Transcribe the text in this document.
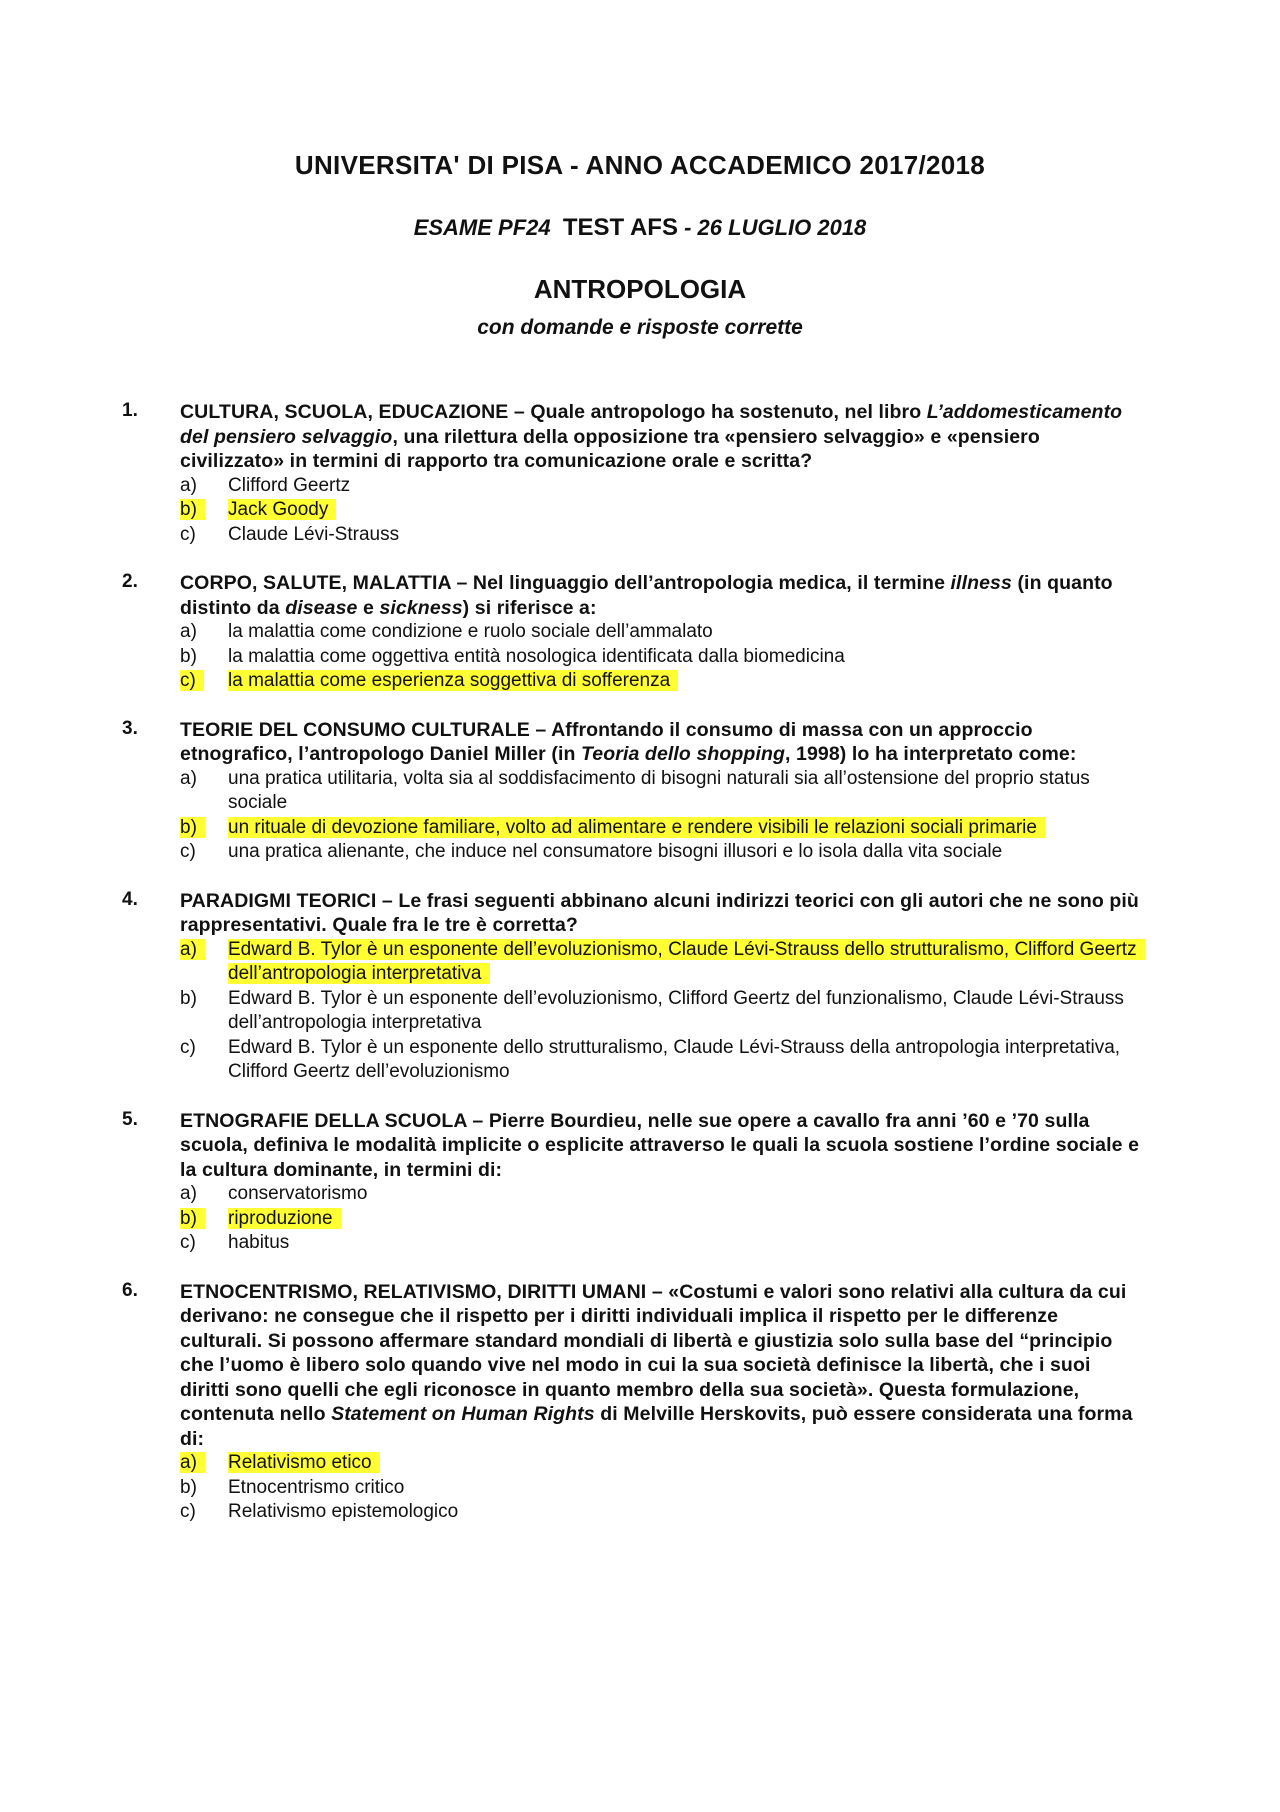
UNIVERSITA' DI PISA - ANNO ACCADEMICO 2017/2018
ESAME PF24 TEST AFS - 26 LUGLIO 2018
ANTROPOLOGIA
con domande e risposte corrette
1. CULTURA, SCUOLA, EDUCAZIONE – Quale antropologo ha sostenuto, nel libro L’addomesticamento del pensiero selvaggio, una rilettura della opposizione tra «pensiero selvaggio» e «pensiero civilizzato» in termini di rapporto tra comunicazione orale e scritta?
a)	Clifford Geertz
b)	Jack Goody
c)	Claude Lévi-Strauss
2. CORPO, SALUTE, MALATTIA – Nel linguaggio dell’antropologia medica, il termine illness (in quanto distinto da disease e sickness) si riferisce a:
a)	la malattia come condizione e ruolo sociale dell’ammalato
b)	la malattia come oggettiva entità nosologica identificata dalla biomedicina
c)	la malattia come esperienza soggettiva di sofferenza
3. TEORIE DEL CONSUMO CULTURALE – Affrontando il consumo di massa con un approccio etnografico, l’antropologo Daniel Miller (in Teoria dello shopping, 1998) lo ha interpretato come:
a)	una pratica utilitaria, volta sia al soddisfacimento di bisogni naturali sia all’ostensione del proprio status sociale
b)	un rituale di devozione familiare, volto ad alimentare e rendere visibili le relazioni sociali primarie
c)	una pratica alienante, che induce nel consumatore bisogni illusori e lo isola dalla vita sociale
4. PARADIGMI TEORICI – Le frasi seguenti abbinano alcuni indirizzi teorici con gli autori che ne sono più rappresentativi. Quale fra le tre è corretta?
a)	Edward B. Tylor è un esponente dell’evoluzionismo, Claude Lévi-Strauss dello strutturalismo, Clifford Geertz dell’antropologia interpretativa
b)	Edward B. Tylor è un esponente dell’evoluzionismo, Clifford Geertz del funzionalismo, Claude Lévi-Strauss dell’antropologia interpretativa
c)	Edward B. Tylor è un esponente dello strutturalismo, Claude Lévi-Strauss della antropologia interpretativa, Clifford Geertz dell’evoluzionismo
5. ETNOGRAFIE DELLA SCUOLA – Pierre Bourdieu, nelle sue opere a cavallo fra anni ’60 e ’70 sulla scuola, definiva le modalità implicite o esplicite attraverso le quali la scuola sostiene l’ordine sociale e la cultura dominante, in termini di:
a)	conservatorismo
b)	riproduzione
c)	habitus
6. ETNOCENTRISMO, RELATIVISMO, DIRITTI UMANI – «Costumi e valori sono relativi alla cultura da cui derivano: ne consegue che il rispetto per i diritti individuali implica il rispetto per le differenze culturali. Si possono affermare standard mondiali di libertà e giustizia solo sulla base del “principio che l’uomo è libero solo quando vive nel modo in cui la sua società definisce la libertà, che i suoi diritti sono quelli che egli riconosce in quanto membro della sua società». Questa formulazione, contenuta nello Statement on Human Rights di Melville Herskovits, può essere considerata una forma di:
a)	Relativismo etico
b)	Etnocentrismo critico
c)	Relativismo epistemologico
